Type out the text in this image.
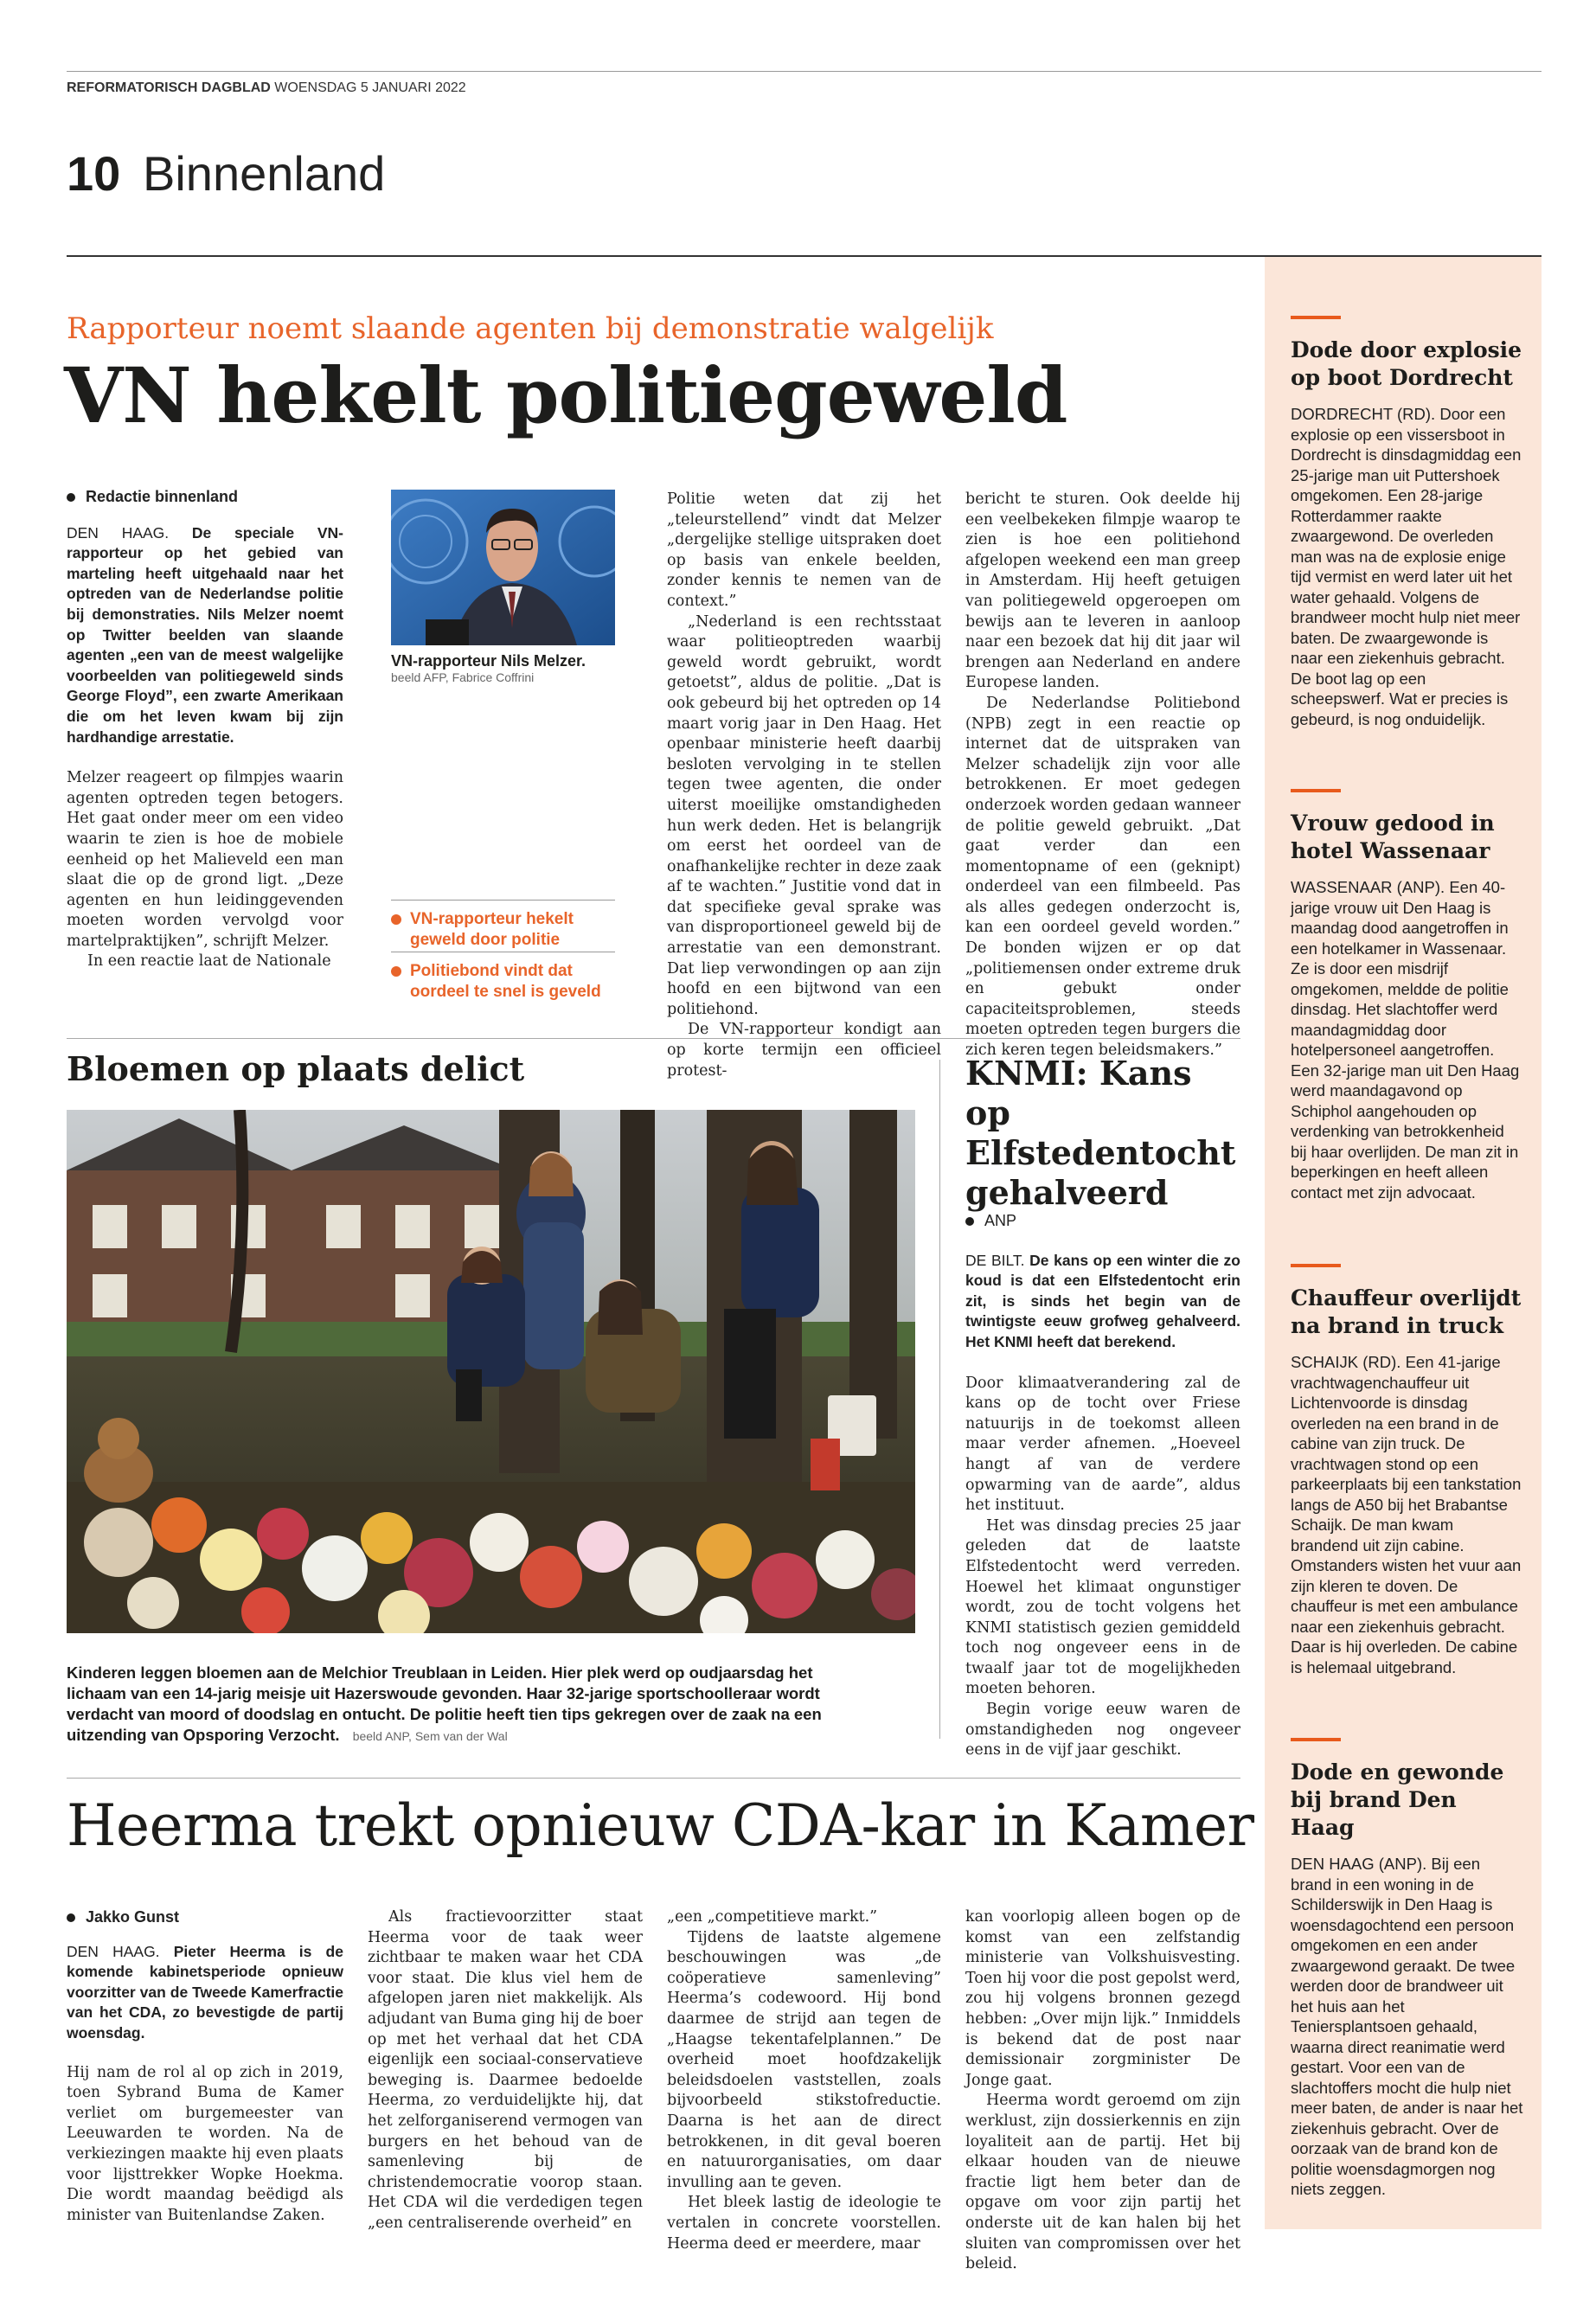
REFORMATORISCH DAGBLAD WOENSDAG 5 JANUARI 2022
10 Binnenland
Rapporteur noemt slaande agenten bij demonstratie walgelijk
VN hekelt politiegeweld
Redactie binnenland

DEN HAAG. De speciale VN-rapporteur op het gebied van marteling heeft uitgehaald naar het optreden van de Nederlandse politie bij demonstraties. Nils Melzer noemt op Twitter beelden van slaande agenten „een van de meest walgelijke voorbeelden van politiegeweld sinds George Floyd”, een zwarte Amerikaan die om het leven kwam bij zijn hardhandige arrestatie.

Melzer reageert op filmpjes waarin agenten optreden tegen betogers. Het gaat onder meer om een video waarin te zien is hoe de mobiele eenheid op het Malieveld een man slaat die op de grond ligt. „Deze agenten en hun leidinggevenden moeten worden vervolgd voor martelpraktijken”, schrijft Melzer.

In een reactie laat de Nationale

VN-rapporteur Nils Melzer.
beeld AFP, Fabrice Coffrini
VN-rapporteur hekelt geweld door politie
Politiebond vindt dat oordeel te snel is geveld

Politie weten dat zij het „teleurstellend” vindt dat Melzer „dergelijke stellige uitspraken doet op basis van enkele beelden, zonder kennis te nemen van de context.”

„Nederland is een rechtsstaat waar politieoptreden waarbij geweld wordt gebruikt, wordt getoetst”, aldus de politie. „Dat is ook gebeurd bij het optreden op 14 maart vorig jaar in Den Haag. Het openbaar ministerie heeft daarbij besloten vervolging in te stellen tegen twee agenten, die onder uiterst moeilijke omstandigheden hun werk deden. Het is belangrijk om eerst het oordeel van de onafhankelijke rechter in deze zaak af te wachten.” Justitie vond dat in dat specifieke geval sprake was van disproportioneel geweld bij de arrestatie van een demonstrant. Dat liep verwondingen op aan zijn hoofd en een bijtwond van een politiehond.

De VN-rapporteur kondigt aan op korte termijn een officieel protest-

bericht te sturen. Ook deelde hij een veelbekeken filmpje waarop te zien is hoe een politiehond afgelopen weekend een man greep in Amsterdam. Hij heeft getuigen van politiegeweld opgeroepen om bewijs aan te leveren in aanloop naar een bezoek dat hij dit jaar wil brengen aan Nederland en andere Europese landen.

De Nederlandse Politiebond (NPB) zegt in een reactie op internet dat de uitspraken van Melzer schadelijk zijn voor alle betrokkenen. Er moet gedegen onderzoek worden gedaan wanneer de politie geweld gebruikt. „Dat gaat verder dan een momentopname of een (geknipt) onderdeel van een filmbeeld. Pas als alles gedegen onderzocht is, kan een oordeel geveld worden.” De bonden wijzen er op dat „politiemensen onder extreme druk en gebukt onder capaciteitsproblemen, steeds moeten optreden tegen burgers die zich keren tegen beleidsmakers.”

Bloemen op plaats delict
Kinderen leggen bloemen aan de Melchior Treublaan in Leiden. Hier plek werd op oudjaarsdag het lichaam van een 14-jarig meisje uit Hazerswoude gevonden. Haar 32-jarige sportschoolleraar wordt verdacht van moord of doodslag en ontucht. De politie heeft tien tips gekregen over de zaak na een uitzending van Opsporing Verzocht. beeld ANP, Sem van der Wal
KNMI: Kans op Elfstedentocht gehalveerd
ANP

DE BILT. De kans op een winter die zo koud is dat een Elfstedentocht erin zit, is sinds het begin van de twintigste eeuw grofweg gehalveerd. Het KNMI heeft dat berekend.

Door klimaatverandering zal de kans op de tocht over Friese natuurijs in de toekomst alleen maar verder afnemen. „Hoeveel hangt af van de verdere opwarming van de aarde”, aldus het instituut.

Het was dinsdag precies 25 jaar geleden dat de laatste Elfstedentocht werd verreden. Hoewel het klimaat ongunstiger wordt, zou de tocht volgens het KNMI statistisch gezien gemiddeld toch nog ongeveer eens in de twaalf jaar tot de mogelijkheden moeten behoren.

Begin vorige eeuw waren de omstandigheden nog ongeveer eens in de vijf jaar geschikt.

Heerma trekt opnieuw CDA-kar in Kamer
Jakko Gunst

DEN HAAG. Pieter Heerma is de komende kabinetsperiode opnieuw voorzitter van de Tweede Kamerfractie van het CDA, zo bevestigde de partij woensdag.

Hij nam de rol al op zich in 2019, toen Sybrand Buma de Kamer verliet om burgemeester van Leeuwarden te worden. Na de verkiezingen maakte hij even plaats voor lijsttrekker Wopke Hoekma. Die wordt maandag beëdigd als minister van Buitenlandse Zaken.

Als fractievoorzitter staat Heerma voor de taak weer zichtbaar te maken waar het CDA voor staat. Die klus viel hem de afgelopen jaren niet makkelijk. Als adjudant van Buma ging hij de boer op met het verhaal dat het CDA eigenlijk een sociaal-conservatieve beweging is. Daarmee bedoelde Heerma, zo verduidelijkte hij, dat het zelforganiserend vermogen van burgers en het behoud van de samenleving bij de christendemocratie voorop staan. Het CDA wil die verdedigen tegen „een centraliserende overheid” en

„een „competitieve markt.”

Tijdens de laatste algemene beschouwingen was „de coöperatieve samenleving” Heerma’s codewoord. Hij bond daarmee de strijd aan tegen de „Haagse tekentafelplannen.” De overheid moet hoofdzakelijk beleidsdoelen vaststellen, zoals bijvoorbeeld stikstofreductie. Daarna is het aan de direct betrokkenen, in dit geval boeren en natuurorganisaties, om daar invulling aan te geven.

Het bleek lastig de ideologie te vertalen in concrete voorstellen. Heerma deed er meerdere, maar

kan voorlopig alleen bogen op de komst van een zelfstandig ministerie van Volkshuisvesting. Toen hij voor die post gepolst werd, zou hij volgens bronnen gezegd hebben: „Over mijn lijk.” Inmiddels is bekend dat de post naar demissionair zorgminister De Jonge gaat.

Heerma wordt geroemd om zijn werklust, zijn dossierkennis en zijn loyaliteit aan de partij. Het bij elkaar houden van de nieuwe fractie ligt hem beter dan de opgave om voor zijn partij het onderste uit de kan halen bij het sluiten van compromissen over het beleid.

Dode door explosie op boot Dordrecht
DORDRECHT (RD). Door een explosie op een vissersboot in Dordrecht is dinsdagmiddag een 25-jarige man uit Puttershoek omgekomen. Een 28-jarige Rotterdammer raakte zwaargewond. De overleden man was na de explosie enige tijd vermist en werd later uit het water gehaald. Volgens de brandweer mocht hulp niet meer baten. De zwaargewonde is naar een ziekenhuis gebracht. De boot lag op een scheepswerf. Wat er precies is gebeurd, is nog onduidelijk.
Vrouw gedood in hotel Wassenaar
WASSENAAR (ANP). Een 40-jarige vrouw uit Den Haag is maandag dood aangetroffen in een hotelkamer in Wassenaar. Ze is door een misdrijf omgekomen, meldde de politie dinsdag. Het slachtoffer werd maandagmiddag door hotelpersoneel aangetroffen. Een 32-jarige man uit Den Haag werd maandagavond op Schiphol aangehouden op verdenking van betrokkenheid bij haar overlijden. De man zit in beperkingen en heeft alleen contact met zijn advocaat.
Chauffeur overlijdt na brand in truck
SCHAIJK (RD). Een 41-jarige vrachtwagenchauffeur uit Lichtenvoorde is dinsdag overleden na een brand in de cabine van zijn truck. De vrachtwagen stond op een parkeerplaats bij een tankstation langs de A50 bij het Brabantse Schaijk. De man kwam brandend uit zijn cabine. Omstanders wisten het vuur aan zijn kleren te doven. De chauffeur is met een ambulance naar een ziekenhuis gebracht. Daar is hij overleden. De cabine is helemaal uitgebrand.
Dode en gewonde bij brand Den Haag
DEN HAAG (ANP). Bij een brand in een woning in de Schilderswijk in Den Haag is woensdagochtend een persoon omgekomen en een ander zwaargewond geraakt. De twee werden door de brandweer uit het huis aan het Teniersplantsoen gehaald, waarna direct reanimatie werd gestart. Voor een van de slachtoffers mocht die hulp niet meer baten, de ander is naar het ziekenhuis gebracht. Over de oorzaak van de brand kon de politie woensdagmorgen nog niets zeggen.
